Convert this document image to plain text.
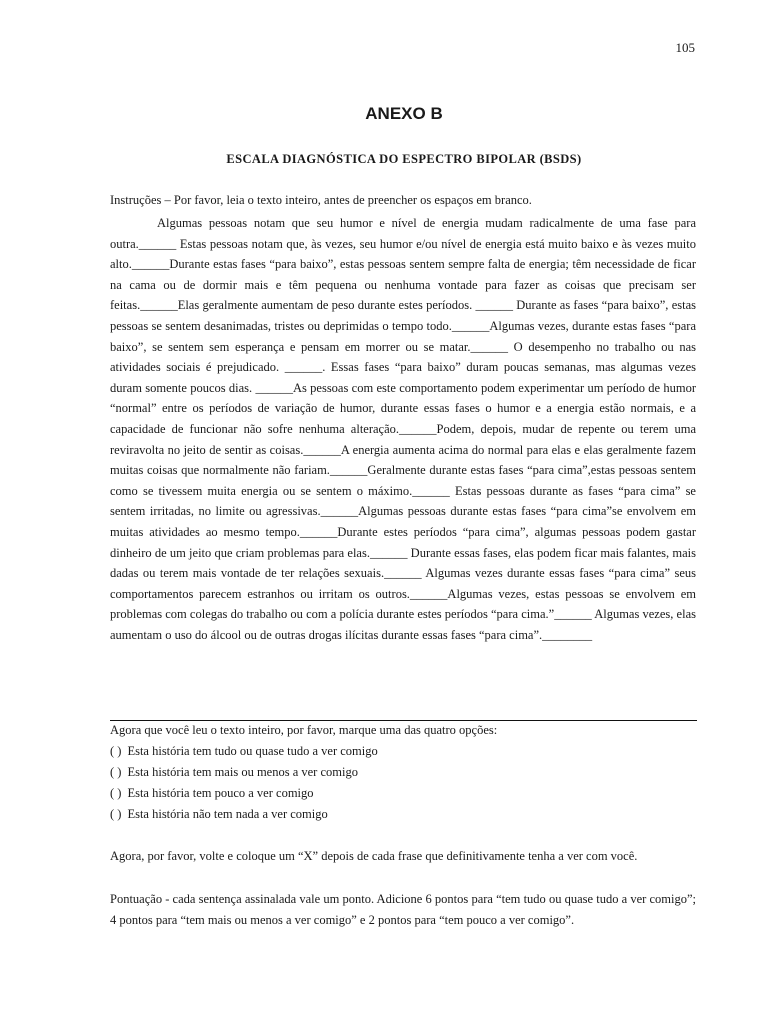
105
ANEXO B
ESCALA DIAGNÓSTICA DO ESPECTRO BIPOLAR (BSDS)
Instruções – Por favor, leia o texto inteiro, antes de preencher os espaços em branco.

Algumas pessoas notam que seu humor e nível de energia mudam radicalmente de uma fase para outra.______ Estas pessoas notam que, às vezes, seu humor e/ou nível de energia está muito baixo e às vezes muito alto.______Durante estas fases “para baixo”, estas pessoas sentem sempre falta de energia; têm necessidade de ficar na cama ou de dormir mais e têm pequena ou nenhuma vontade para fazer as coisas que precisam ser feitas.______Elas geralmente aumentam de peso durante estes períodos. ______ Durante as fases “para baixo”, estas pessoas se sentem desanimadas, tristes ou deprimidas o tempo todo.______Algumas vezes, durante estas fases “para baixo”, se sentem sem esperança e pensam em morrer ou se matar.______ O desempenho no trabalho ou nas atividades sociais é prejudicado. ______. Essas fases “para baixo” duram poucas semanas, mas algumas vezes duram somente poucos dias. ______As pessoas com este comportamento podem experimentar um período de humor “normal” entre os períodos de variação de humor, durante essas fases o humor e a energia estão normais, e a capacidade de funcionar não sofre nenhuma alteração.______Podem, depois, mudar de repente ou terem uma reviravolta no jeito de sentir as coisas.______A energia aumenta acima do normal para elas e elas geralmente fazem muitas coisas que normalmente não fariam.______Geralmente durante estas fases “para cima”,estas pessoas sentem como se tivessem muita energia ou se sentem o máximo.______ Estas pessoas durante as fases “para cima” se sentem irritadas, no limite ou agressivas.______Algumas pessoas durante estas fases “para cima”se envolvem em muitas atividades ao mesmo tempo.______Durante estes períodos “para cima”, algumas pessoas podem gastar dinheiro de um jeito que criam problemas para elas.______ Durante essas fases, elas podem ficar mais falantes, mais dadas ou terem mais vontade de ter relações sexuais.______ Algumas vezes durante essas fases “para cima” seus comportamentos parecem estranhos ou irritam os outros.______Algumas vezes, estas pessoas se envolvem em problemas com colegas do trabalho ou com a polícia durante estes períodos “para cima.”______ Algumas vezes, elas aumentam o uso do álcool ou de outras drogas ilícitas durante essas fases “para cima”.________

Agora que você leu o texto inteiro, por favor, marque uma das quatro opções:
( ) Esta história tem tudo ou quase tudo a ver comigo
( ) Esta história tem mais ou menos a ver comigo
( ) Esta história tem pouco a ver comigo
( ) Esta história não tem nada a ver comigo
Agora, por favor, volte e coloque um “X” depois de cada frase que definitivamente tenha a ver com você.

Pontuação - cada sentença assinalada vale um ponto. Adicione 6 pontos para “tem tudo ou quase tudo a ver comigo”; 4 pontos para “tem mais ou menos a ver comigo” e 2 pontos para “tem pouco a ver comigo”.
